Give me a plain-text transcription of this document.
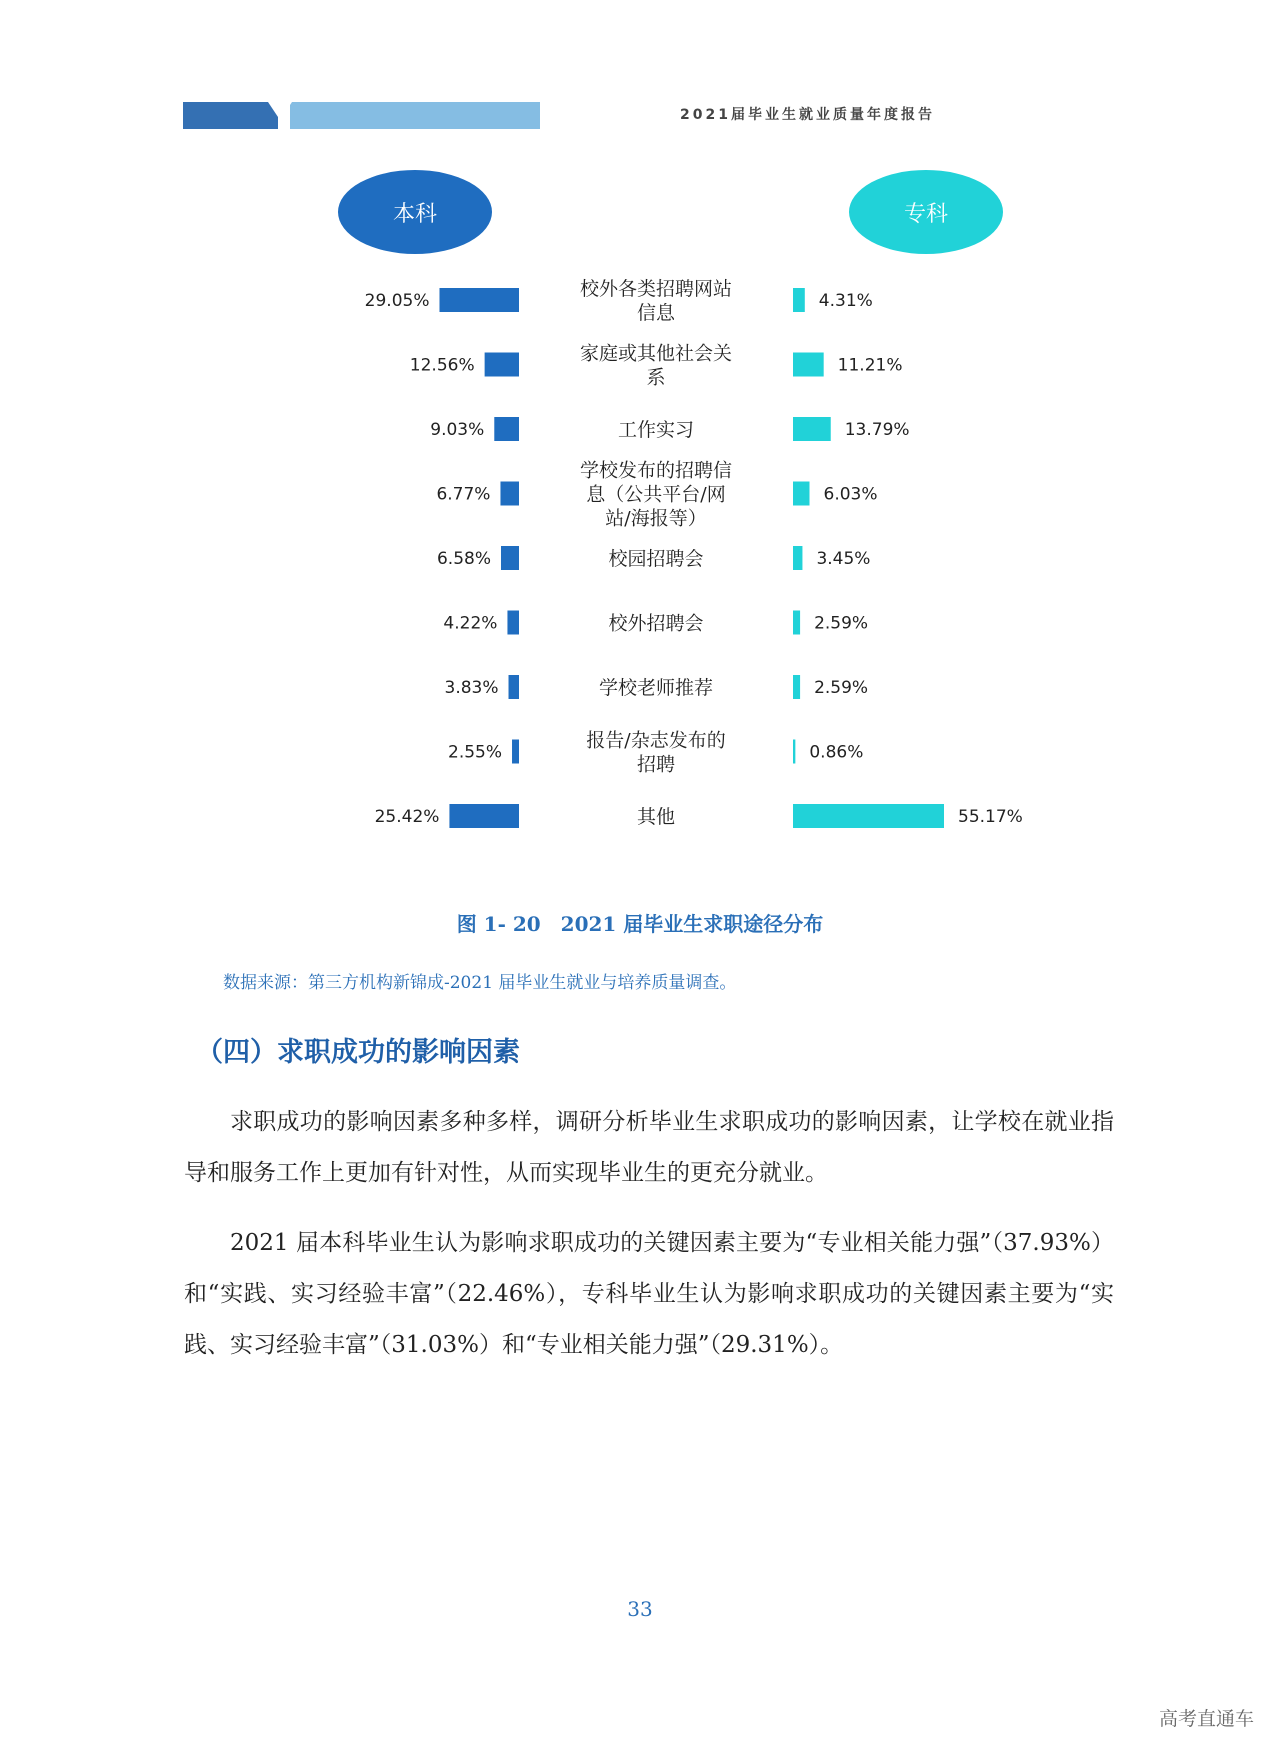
2021届毕业生就业质量年度报告
本科	专科
29.05%	4.31%
校外各类招聘网站
信息
12.56%	11.21%
家庭或其他社会关
系
9.03%	13.79%
工作实习
6.77%	6.03%
学校发布的招聘信
息（公共平台/网
站/海报等）
6.58%	3.45%
校园招聘会
4.22%	2.59%
校外招聘会
3.83%	2.59%
学校老师推荐
2.55%	0.86%
报告/杂志发布的
招聘
25.42%	55.17%
其他
图 1- 20　2021 届毕业生求职途径分布
数据来源：第三方机构新锦成-2021 届毕业生就业与培养质量调查。
（四）求职成功的影响因素

求职成功的影响因素多种多样，调研分析毕业生求职成功的影响因素，让学校在就业指导和服务工作上更加有针对性，从而实现毕业生的更充分就业。

2021 届本科毕业生认为影响求职成功的关键因素主要为“专业相关能力强”（37.93%）和“实践、实习经验丰富”（22.46%），专科毕业生认为影响求职成功的关键因素主要为“实践、实习经验丰富”（31.03%）和“专业相关能力强”（29.31%）。

33
高考直通车
